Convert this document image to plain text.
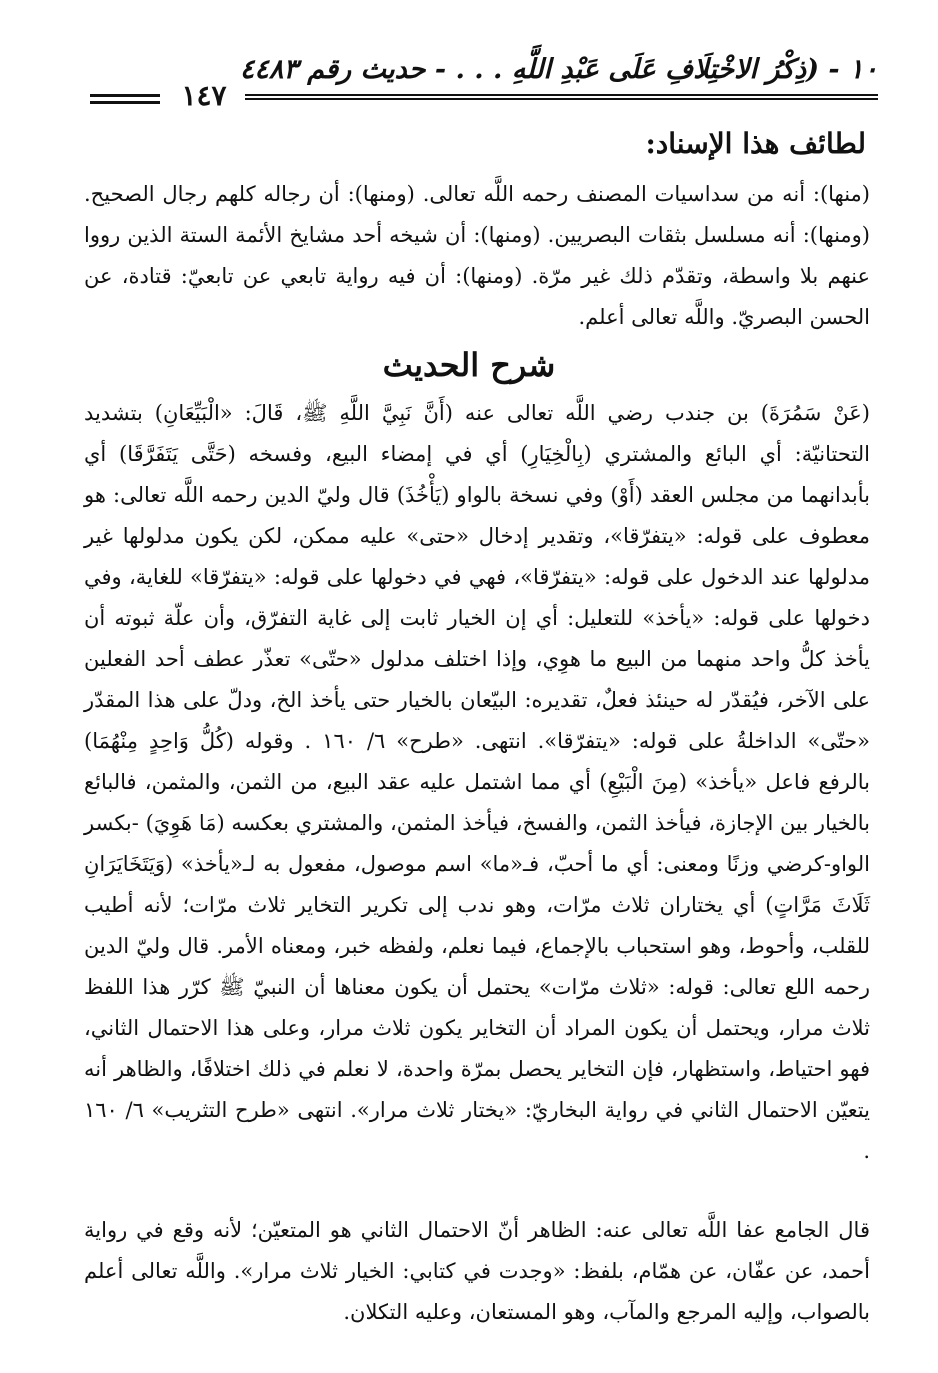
١٠ - (ذِكْرُ الاخْتِلَافِ عَلَى عَبْدِ اللَّهِ . . . - حديث رقم ٤٤٨٣
١٤٧
لطائف هذا الإسناد:
(منها): أنه من سداسيات المصنف رحمه اللَّه تعالى. (ومنها): أن رجاله كلهم رجال الصحيح. (ومنها): أنه مسلسل بثقات البصريين. (ومنها): أن شيخه أحد مشايخ الأئمة الستة الذين رووا عنهم بلا واسطة، وتقدّم ذلك غير مرّة. (ومنها): أن فيه رواية تابعي عن تابعيّ: قتادة، عن الحسن البصريّ. واللَّه تعالى أعلم.
شرح الحديث
(عَنْ سَمُرَةَ) بن جندب رضي اللَّه تعالى عنه (أَنَّ نَبِيَّ اللَّهِ ﷺ، قَالَ: «الْبَيِّعَانِ) بتشديد التحتانيّة: أي البائع والمشتري (بِالْخِيَارِ) أي في إمضاء البيع، وفسخه (حَتَّى يَتَفَرَّقَا) أي بأبدانهما من مجلس العقد (أَوْ) وفي نسخة بالواو (يَأْخُذَ) قال وليّ الدين رحمه اللَّه تعالى: هو معطوف على قوله: «يتفرّقا»، وتقدير إدخال «حتى» عليه ممكن، لكن يكون مدلولها غير مدلولها عند الدخول على قوله: «يتفرّقا»، فهي في دخولها على قوله: «يتفرّقا» للغاية، وفي دخولها على قوله: «يأخذ» للتعليل: أي إن الخيار ثابت إلى غاية التفرّق، وأن علّة ثبوته أن يأخذ كلُّ واحد منهما من البيع ما هوِي، وإذا اختلف مدلول «حتّى» تعذّر عطف أحد الفعلين على الآخر، فيُقدّر له حينئذ فعلٌ، تقديره: البيّعان بالخيار حتى يأخذ الخ، ودلّ على هذا المقدّر «حتّى» الداخلةُ على قوله: «يتفرّقا». انتهى. «طرح» ٦/ ١٦٠ . وقوله (كُلُّ وَاحِدٍ مِنْهُمَا) بالرفع فاعل «يأخذ» (مِنَ الْبَيْعِ) أي مما اشتمل عليه عقد البيع، من الثمن، والمثمن، فالبائع بالخيار بين الإجازة، فيأخذ الثمن، والفسخ، فيأخذ المثمن، والمشتري بعكسه (مَا هَوِيَ) -بكسر الواو-كرضي وزنًا ومعنى: أي ما أحبّ، فـ«ما» اسم موصول، مفعول به لـ«يأخذ» (وَيَتَخَايَرَانِ ثَلَاثَ مَرَّاتٍ) أي يختاران ثلاث مرّات، وهو ندب إلى تكرير التخاير ثلاث مرّات؛ لأنه أطيب للقلب، وأحوط، وهو استحباب بالإجماع، فيما نعلم، ولفظه خبر، ومعناه الأمر. قال وليّ الدين رحمه اللع تعالى: قوله: «ثلاث مرّات» يحتمل أن يكون معناها أن النبيّ ﷺ كرّر هذا اللفظ ثلاث مرار، ويحتمل أن يكون المراد أن التخاير يكون ثلاث مرار، وعلى هذا الاحتمال الثاني، فهو احتياط، واستظهار، فإن التخاير يحصل بمرّة واحدة، لا نعلم في ذلك اختلافًا، والظاهر أنه يتعيّن الاحتمال الثاني في رواية البخاريّ: «يختار ثلاث مرار». انتهى «طرح التثريب» ٦/ ١٦٠ .
قال الجامع عفا اللَّه تعالى عنه: الظاهر أنّ الاحتمال الثاني هو المتعيّن؛ لأنه وقع في رواية أحمد، عن عفّان، عن همّام، بلفظ: «وجدت في كتابي: الخيار ثلاث مرار». واللَّه تعالى أعلم بالصواب، وإليه المرجع والمآب، وهو المستعان، وعليه التكلان.
